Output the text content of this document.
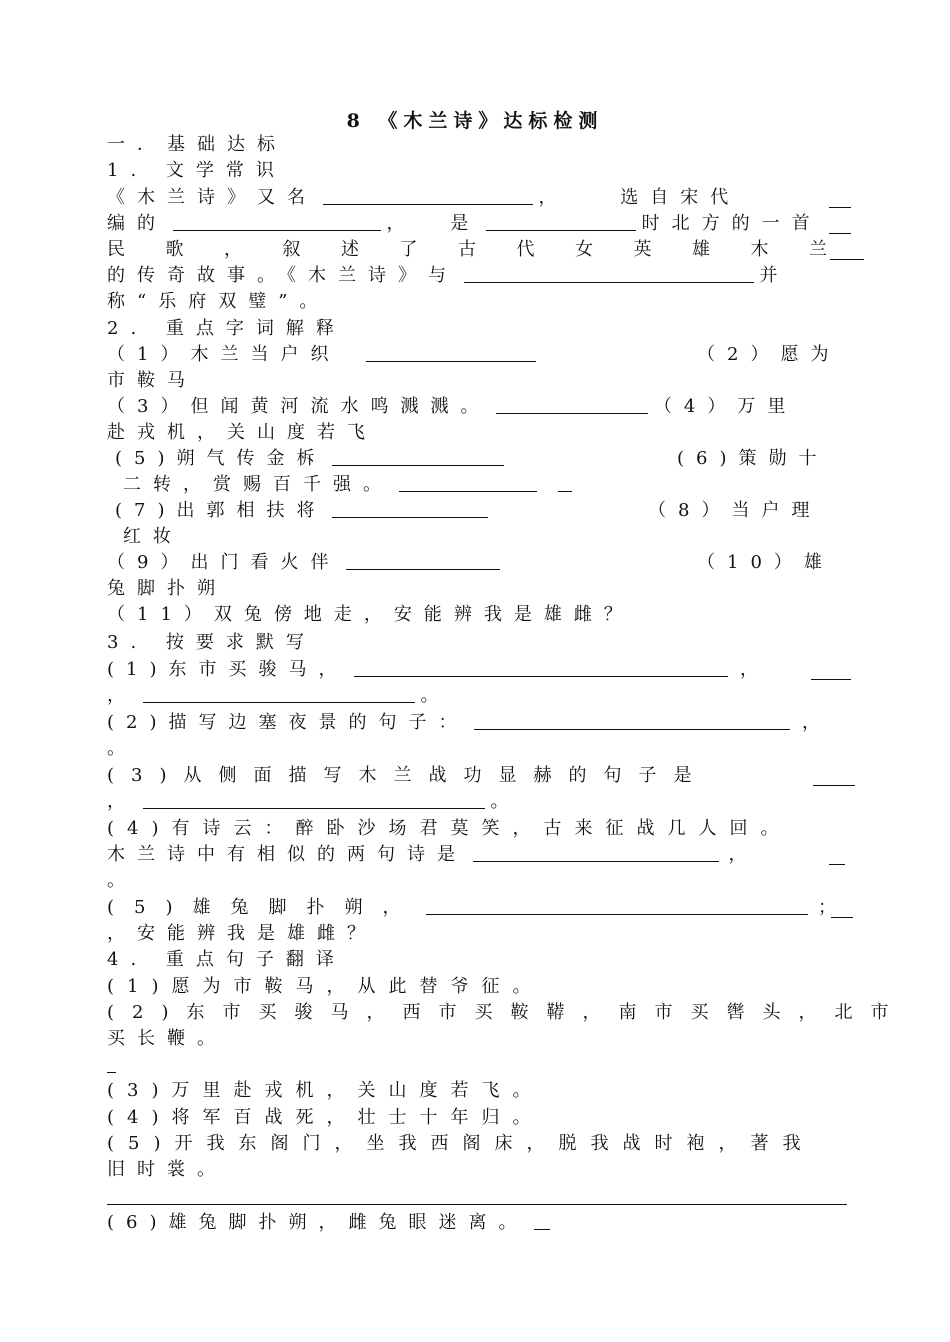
8 《木兰诗》达标检测
一．基础达标
1. 文学常识
《木兰诗》又名	，	选自宋代
编的	，	是	时北方的一首
民 歌 ， 叙 述 了 古 代 女 英 雄 木 兰
的传奇故事。《木兰诗》与	并
称“乐府双璧”。
2. 重点字词解释
（1）木兰当户织	（2）愿为
市鞍马
（3）但闻黄河流水鸣溅溅。	（4）万里
赴戎机，关山度若飞
(5)朔气传金柝	(6)策勋十
二转，赏赐百千强。
(7)出郭相扶将	（8）当户理
红妆
（9）出门看火伴	（10）雄
兔脚扑朔
（11）双兔傍地走，安能辨我是雄雌？
3. 按要求默写
(1)东市买骏马，	，
，	。
(2)描写边塞夜景的句子：	，
。
(3)从侧面描写木兰战功显赫的句子是
，	。
(4)有诗云：醉卧沙场君莫笑，古来征战几人回。
木兰诗中有相似的两句诗是	，
。
(5)雄兔脚扑朔，	；
，安能辨我是雄雌？
4. 重点句子翻译
(1)愿为市鞍马，从此替爷征。
(2)东市买骏马，西市买鞍鞯，南市买辔头，北市
买长鞭。
(3)万里赴戎机，关山度若飞。
(4)将军百战死，壮士十年归。
(5)开我东阁门，坐我西阁床，脱我战时袍，著我
旧时裳。
(6)雄兔脚扑朔，雌兔眼迷离。
